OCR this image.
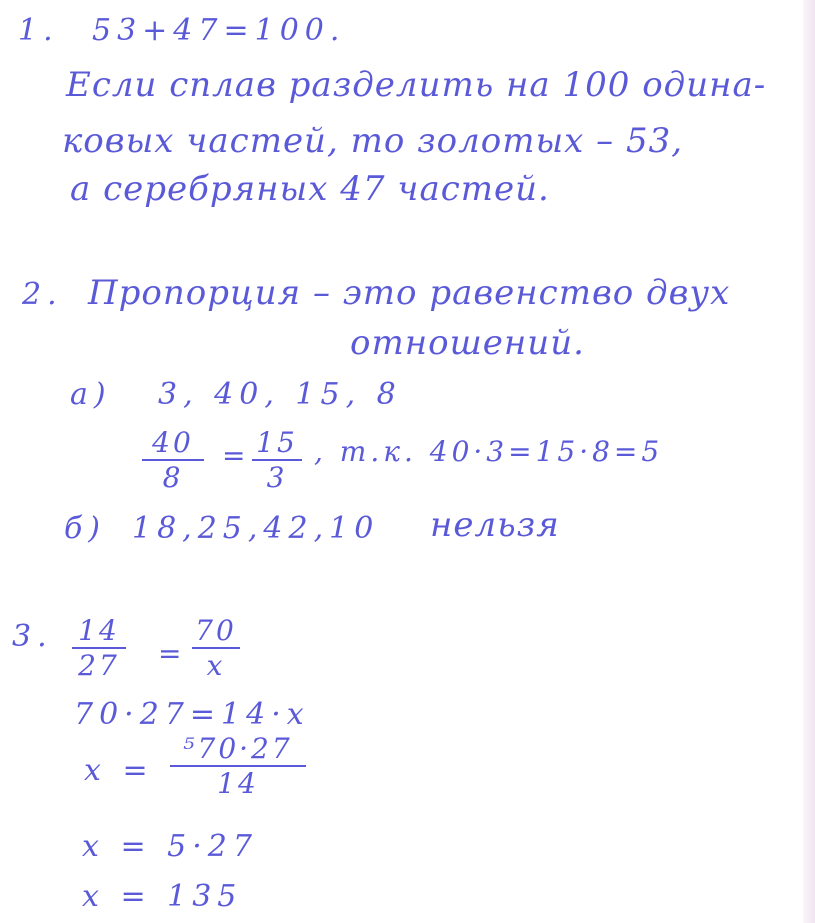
1. 53+47=100.
Если сплав разделить на 100 одина-
ковых частей, то золотых – 53,
а серебряных 47 частей.
2. Пропорция – это равенство двух
отношений.
а) 3, 40, 15, 8
40
8
= 15
3
, т.к. 40·3=15·8=5
б) 18,25,42,10 нельзя
3. 14
27 =
70
x
70·27=14·x
x =
⁵70·27
14
x = 5·27
x = 135
